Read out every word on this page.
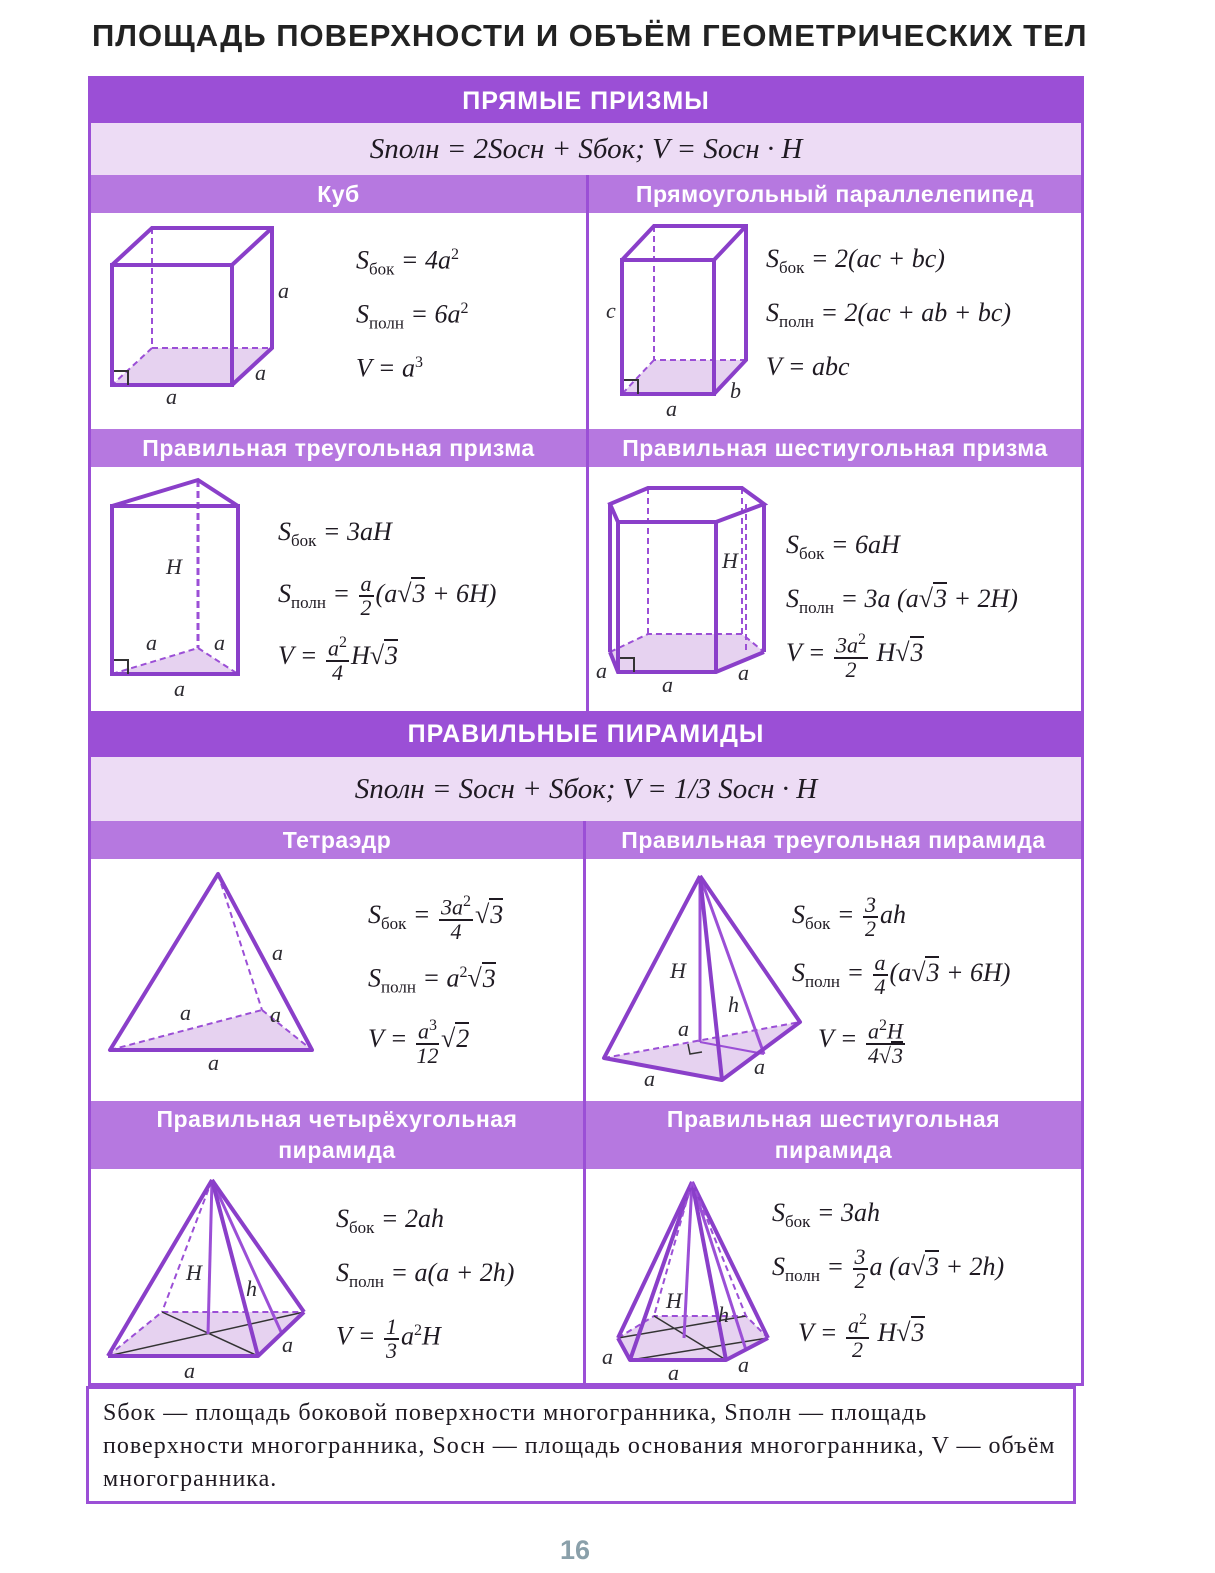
ПЛОЩАДЬ ПОВЕРХНОСТИ И ОБЪЁМ ГЕОМЕТРИЧЕСКИХ ТЕЛ
ПРЯМЫЕ ПРИЗМЫ
Sполн = 2Sосн + Sбок; V = Sосн · H
Куб	Прямоугольный параллелепипед
Правильная треугольная призма	Правильная шестиугольная призма
ПРАВИЛЬНЫЕ ПИРАМИДЫ
Sполн = Sосн + Sбок; V = 1/3 Sосн · H
Тетраэдр	Правильная треугольная пирамида
Правильная четырёхугольная
пирамида
Правильная шестиугольная
пирамида
a
a
a
$S_{бок} = 4a^2$
$S_{полн} = 6a^2$
$V = a^3$
c
a
b
$S_{бок} = 2(ac + bc)$
$S_{полн} = 2(ac$ + ab + bc)
V = abc
H
a	a
a
$S_{бок} = 3aH$
$S_{полн} = \frac{a}{2} (a√3 + 6H)$
$V = \frac{a^2}{4} H√3$
H
a
a	a
$S_{бок} = 6aH$
$S_{полн} = 3a$ (a√3 + 2H)
$V = \frac{3a^2}{2} H√3$
a
a	a
a
$S_{бок} = \frac{3a^2}{4} √3$
$S_{полн} = a^2√3$
$V = \frac{a^3}{12} √2$
H
h
a
a	a
$S_{бок} = \frac{3}{2}$ ah
$S_{полн} = \frac{a}{4} (a√3 + 6H)$
$V = \frac{a^2H}{4√3}$
H
h
a
a
$S_{бок} = 2ah$
$S_{полн} = a(a + 2h)$
$V = \frac{1}{3} a^2H$
H
h
a
a	a
$S_{бок} = 3ah$
$S_{полн} = \frac{3}{2}$ a (a√3 + 2h)
$V = \frac{a^2}{2} H√3$
Sбок — площадь боковой поверхности многогранника, Sполн — площадь поверхности многогранника, Sосн — площадь основания многогранника, V — объём многогранника.
16
